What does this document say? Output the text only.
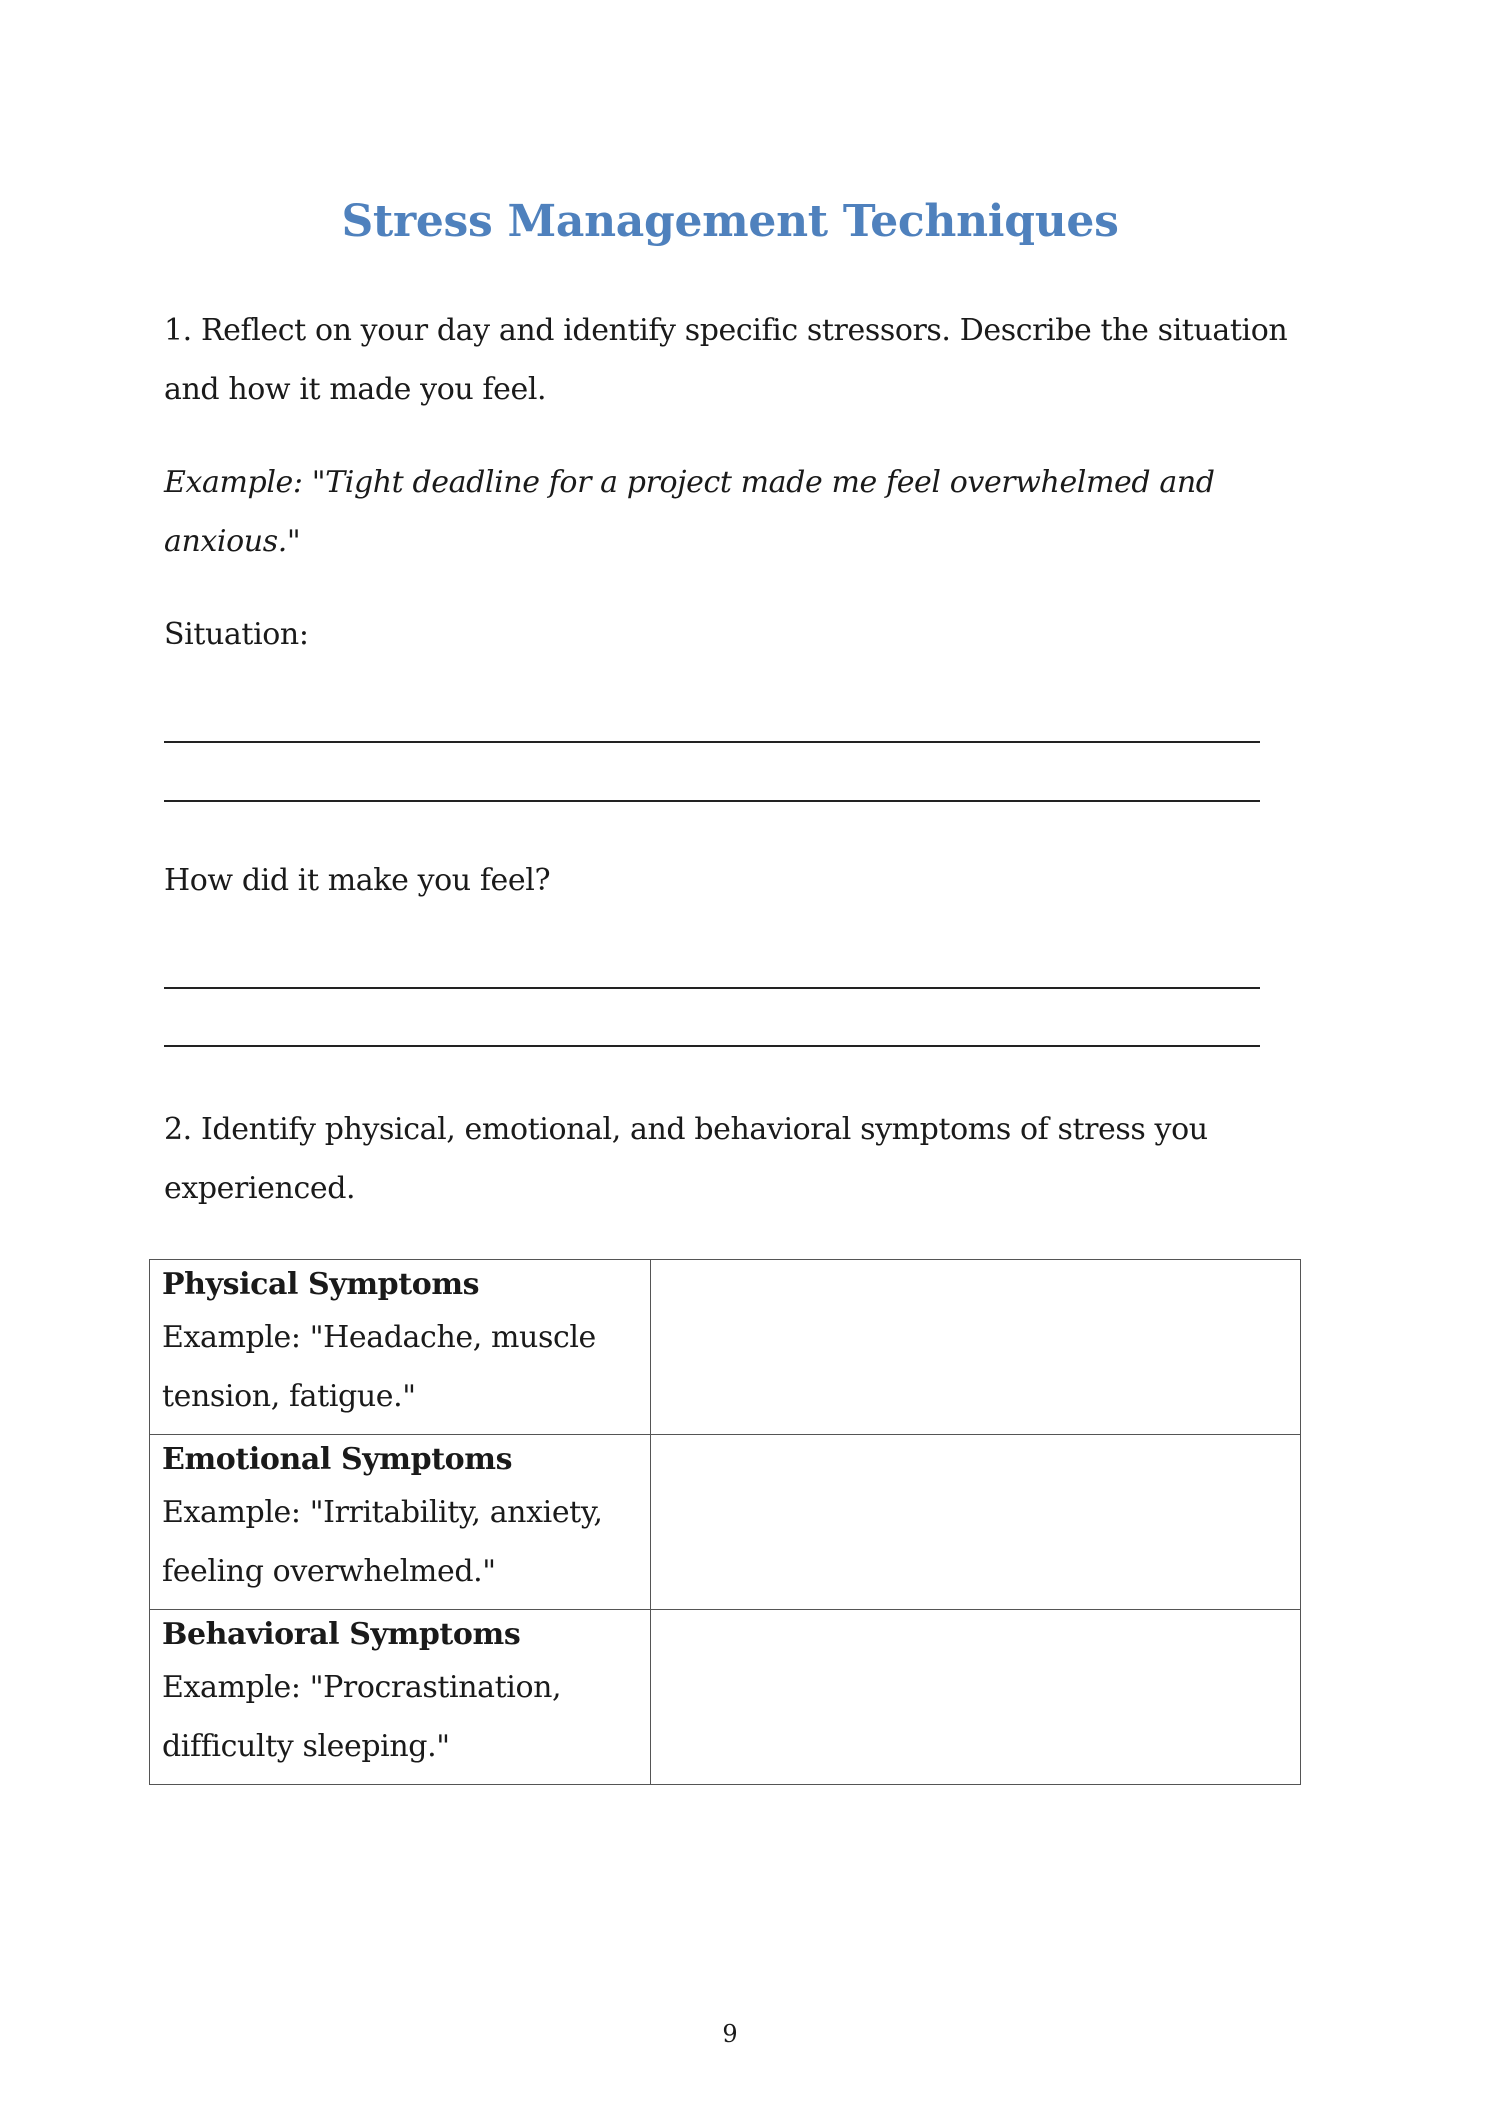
Stress Management Techniques
1. Reflect on your day and identify specific stressors. Describe the situation
and how it made you feel.
Example: "Tight deadline for a project made me feel overwhelmed and
anxious."
Situation:
How did it make you feel?
2. Identify physical, emotional, and behavioral symptoms of stress you
experienced.
Physical Symptoms
Example: "Headache, muscle
tension, fatigue."	

Emotional Symptoms
Example: "Irritability, anxiety,
feeling overwhelmed."	

Behavioral Symptoms
Example: "Procrastination,
difficulty sleeping."	

9
